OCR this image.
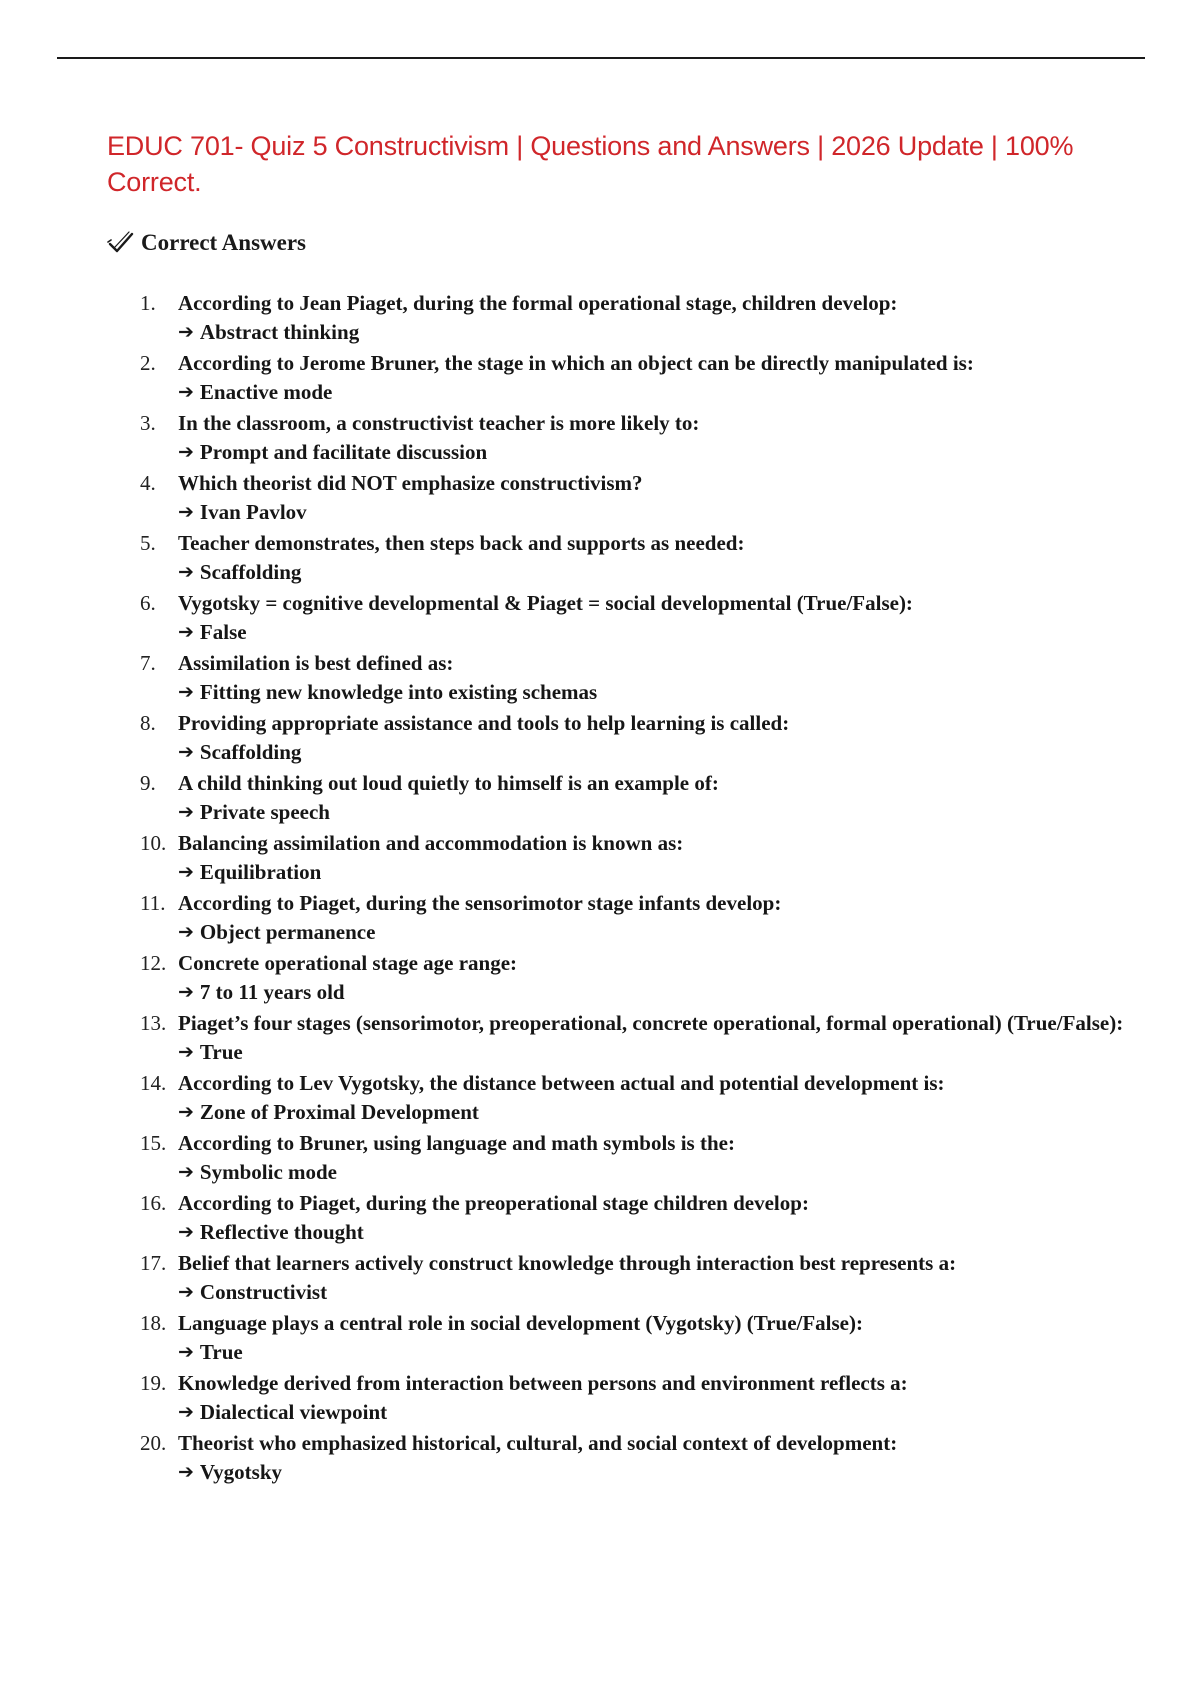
EDUC 701- Quiz 5 Constructivism | Questions and Answers | 2026 Update | 100% Correct.
Correct Answers
1.	According to Jean Piaget, during the formal operational stage, children develop:
➔ Abstract thinking
2.	According to Jerome Bruner, the stage in which an object can be directly manipulated is:
➔ Enactive mode
3.	In the classroom, a constructivist teacher is more likely to:
➔ Prompt and facilitate discussion
4.	Which theorist did NOT emphasize constructivism?
➔ Ivan Pavlov
5.	Teacher demonstrates, then steps back and supports as needed:
➔ Scaffolding
6.	Vygotsky = cognitive developmental & Piaget = social developmental (True/False):
➔ False
7.	Assimilation is best defined as:
➔ Fitting new knowledge into existing schemas
8.	Providing appropriate assistance and tools to help learning is called:
➔ Scaffolding
9.	A child thinking out loud quietly to himself is an example of:
➔ Private speech
10. Balancing assimilation and accommodation is known as:
➔ Equilibration
11. According to Piaget, during the sensorimotor stage infants develop:
➔ Object permanence
12. Concrete operational stage age range:
➔ 7 to 11 years old
13. Piaget’s four stages (sensorimotor, preoperational, concrete operational, formal operational) (True/False):
➔ True
14. According to Lev Vygotsky, the distance between actual and potential development is:
➔ Zone of Proximal Development
15. According to Bruner, using language and math symbols is the:
➔ Symbolic mode
16. According to Piaget, during the preoperational stage children develop:
➔ Reflective thought
17. Belief that learners actively construct knowledge through interaction best represents a:
➔ Constructivist
18. Language plays a central role in social development (Vygotsky) (True/False):
➔ True
19. Knowledge derived from interaction between persons and environment reflects a:
➔ Dialectical viewpoint
20. Theorist who emphasized historical, cultural, and social context of development:
➔ Vygotsky
